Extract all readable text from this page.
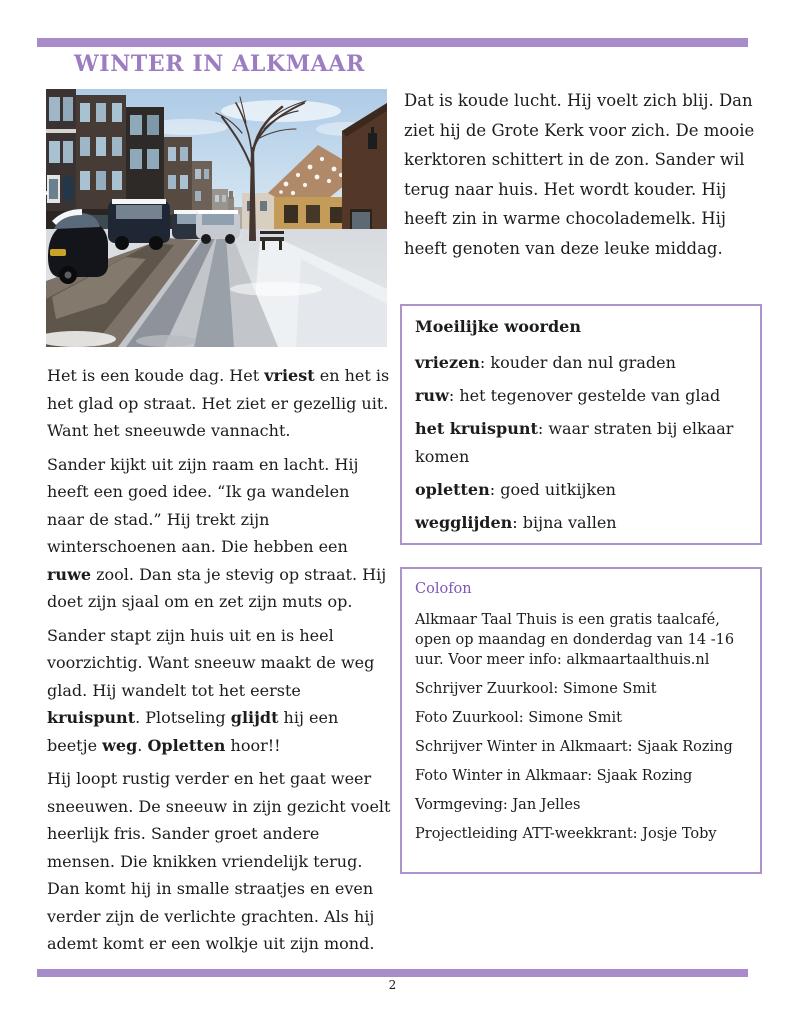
WINTER IN ALKMAAR

Het is een koude dag. Het vriest en het is het glad op straat. Het ziet er gezellig uit. Want het sneeuwde vannacht.

Sander kijkt uit zijn raam en lacht. Hij heeft een goed idee. “Ik ga wandelen naar de stad.” Hij trekt zijn winterschoenen aan. Die hebben een ruwe zool. Dan sta je stevig op straat. Hij doet zijn sjaal om en zet zijn muts op.

Sander stapt zijn huis uit en is heel voorzichtig. Want sneeuw maakt de weg glad. Hij wandelt tot het eerste kruispunt. Plotseling glijdt hij een beetje weg. Opletten hoor!!

Hij loopt rustig verder en het gaat weer sneeuwen. De sneeuw in zijn gezicht voelt heerlijk fris. Sander groet andere mensen. Die knikken vriendelijk terug. Dan komt hij in smalle straatjes en even verder zijn de verlichte grachten. Als hij ademt komt er een wolkje uit zijn mond.

Dat is koude lucht. Hij voelt zich blij. Dan ziet hij de Grote Kerk voor zich. De mooie kerktoren schittert in de zon. Sander wil terug naar huis. Het wordt kouder. Hij heeft zin in warme chocolademelk. Hij heeft genoten van deze leuke middag.

Moeilijke woorden
vriezen: kouder dan nul graden
ruw: het tegenover gestelde van glad
het kruispunt: waar straten bij elkaar komen
opletten: goed uitkijken
wegglijden: bijna vallen
Colofon

Alkmaar Taal Thuis is een gratis taalcafé, open op maandag en donderdag van 14 -16 uur. Voor meer info: alkmaartaalthuis.nl

Schrijver Zuurkool: Simone Smit

Foto Zuurkool: Simone Smit

Schrijver Winter in Alkmaart: Sjaak Rozing

Foto Winter in Alkmaar: Sjaak Rozing

Vormgeving: Jan Jelles

Projectleiding ATT-weekkrant: Josje Toby

2
